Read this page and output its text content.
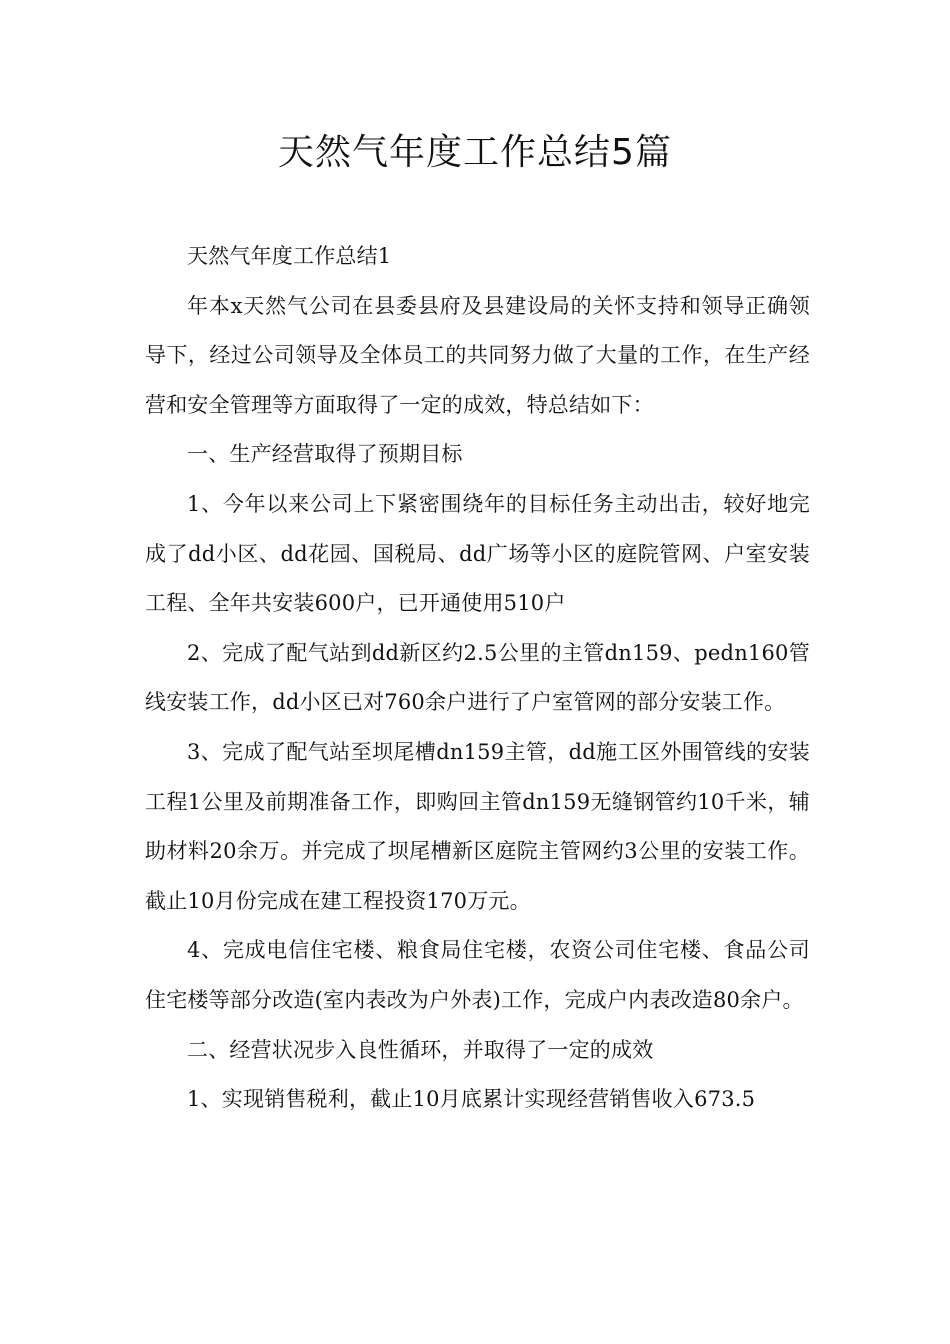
天然气年度工作总结5篇

天然气年度工作总结1

年本x天然气公司在县委县府及县建设局的关怀支持和领导正确领导下，经过公司领导及全体员工的共同努力做了大量的工作，在生产经营和安全管理等方面取得了一定的成效，特总结如下：

一、生产经营取得了预期目标

1、今年以来公司上下紧密围绕年的目标任务主动出击，较好地完成了dd小区、dd花园、国税局、dd广场等小区的庭院管网、户室安装工程、全年共安装600户，已开通使用510户

2、完成了配气站到dd新区约2.5公里的主管dn159、pedn160管线安装工作，dd小区已对760余户进行了户室管网的部分安装工作。

3、完成了配气站至坝尾槽dn159主管，dd施工区外围管线的安装工程1公里及前期准备工作，即购回主管dn159无缝钢管约10千米，辅助材料20余万。并完成了坝尾槽新区庭院主管网约3公里的安装工作。截止10月份完成在建工程投资170万元。

4、完成电信住宅楼、粮食局住宅楼，农资公司住宅楼、食品公司住宅楼等部分改造(室内表改为户外表)工作，完成户内表改造80余户。

二、经营状况步入良性循环，并取得了一定的成效

1、实现销售税利，截止10月底累计实现经营销售收入673.5
